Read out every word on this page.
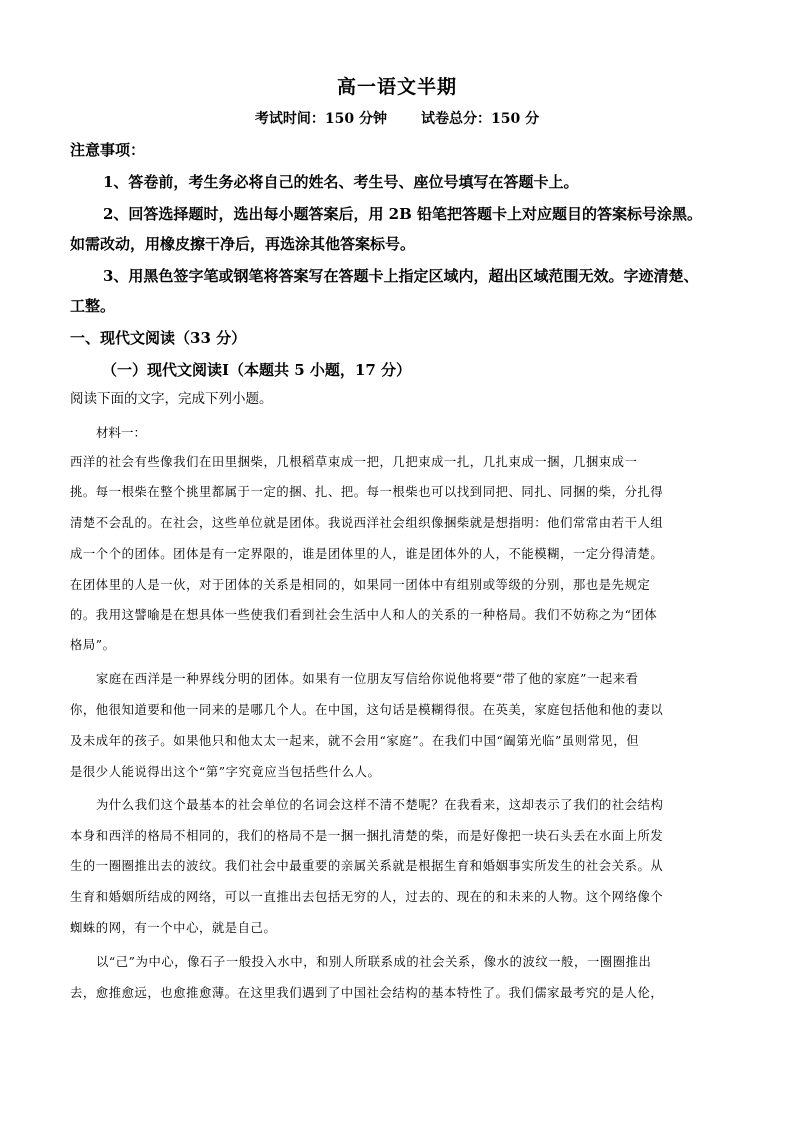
高一语文半期
考试时间：150 分钟 试卷总分：150 分
注意事项：
1、答卷前，考生务必将自己的姓名、考生号、座位号填写在答题卡上。
2、回答选择题时，选出每小题答案后，用 2B 铅笔把答题卡上对应题目的答案标号涂黑。
如需改动，用橡皮擦干净后，再选涂其他答案标号。
3、用黑色签字笔或钢笔将答案写在答题卡上指定区域内，超出区域范围无效。字迹清楚、
工整。
一、现代文阅读（33 分）
（一）现代文阅读Ⅰ（本题共 5 小题，17 分）
阅读下面的文字，完成下列小题。
材料一：
西洋的社会有些像我们在田里捆柴，几根稻草束成一把，几把束成一扎，几扎束成一捆，几捆束成一
挑。每一根柴在整个挑里都属于一定的捆、扎、把。每一根柴也可以找到同把、同扎、同捆的柴，分扎得
清楚不会乱的。在社会，这些单位就是团体。我说西洋社会组织像捆柴就是想指明：他们常常由若干人组
成一个个的团体。团体是有一定界限的，谁是团体里的人，谁是团体外的人，不能模糊，一定分得清楚。
在团体里的人是一伙，对于团体的关系是相同的，如果同一团体中有组别或等级的分别，那也是先规定
的。我用这譬喻是在想具体一些使我们看到社会生活中人和人的关系的一种格局。我们不妨称之为“团体
格局”。
家庭在西洋是一种界线分明的团体。如果有一位朋友写信给你说他将要“带了他的家庭”一起来看
你，他很知道要和他一同来的是哪几个人。在中国，这句话是模糊得很。在英美，家庭包括他和他的妻以
及未成年的孩子。如果他只和他太太一起来，就不会用“家庭”。在我们中国“阖第光临”虽则常见，但
是很少人能说得出这个“第”字究竟应当包括些什么人。
为什么我们这个最基本的社会单位的名词会这样不清不楚呢？在我看来，这却表示了我们的社会结构
本身和西洋的格局不相同的，我们的格局不是一捆一捆扎清楚的柴，而是好像把一块石头丢在水面上所发
生的一圈圈推出去的波纹。我们社会中最重要的亲属关系就是根据生育和婚姻事实所发生的社会关系。从
生育和婚姻所结成的网络，可以一直推出去包括无穷的人，过去的、现在的和未来的人物。这个网络像个
蜘蛛的网，有一个中心，就是自己。
以“己”为中心，像石子一般投入水中，和别人所联系成的社会关系，像水的波纹一般，一圈圈推出
去，愈推愈远，也愈推愈薄。在这里我们遇到了中国社会结构的基本特性了。我们儒家最考究的是人伦，
